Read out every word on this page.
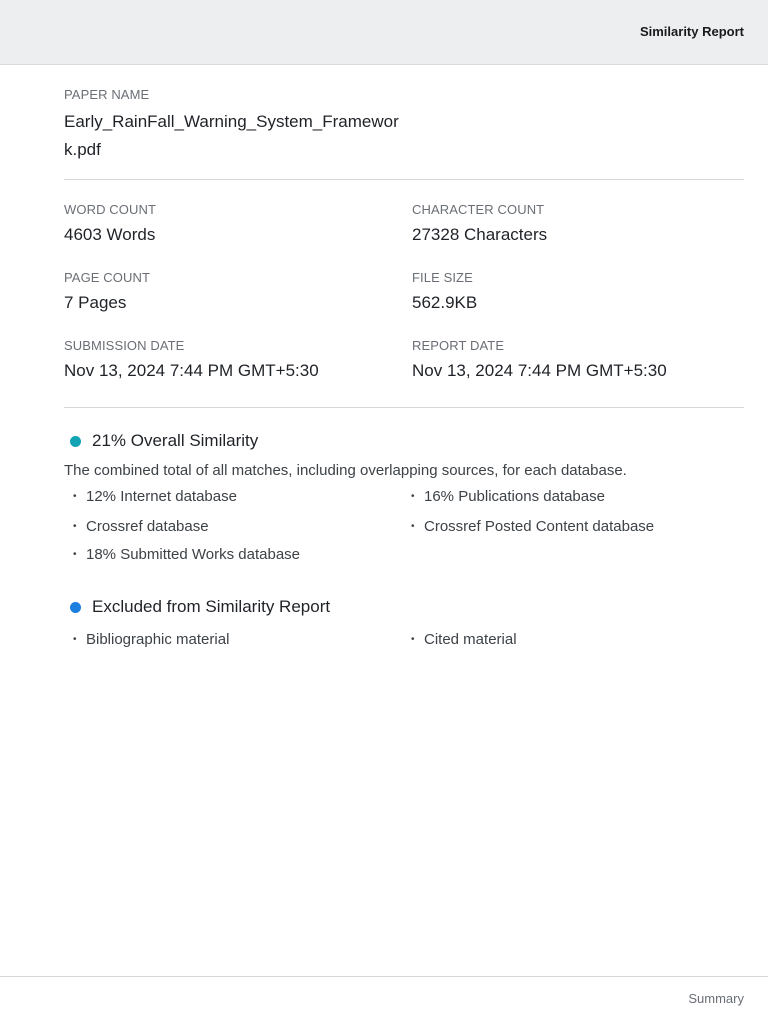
Similarity Report
PAPER NAME
Early_RainFall_Warning_System_Framework.pdf
WORD COUNT
4603 Words
CHARACTER COUNT
27328 Characters
PAGE COUNT
7 Pages
FILE SIZE
562.9KB
SUBMISSION DATE
Nov 13, 2024 7:44 PM GMT+5:30
REPORT DATE
Nov 13, 2024 7:44 PM GMT+5:30
21% Overall Similarity
The combined total of all matches, including overlapping sources, for each database.
• 12% Internet database	• 16% Publications database
• Crossref database	• Crossref Posted Content database
• 18% Submitted Works database
Excluded from Similarity Report
• Bibliographic material	• Cited material
Summary
